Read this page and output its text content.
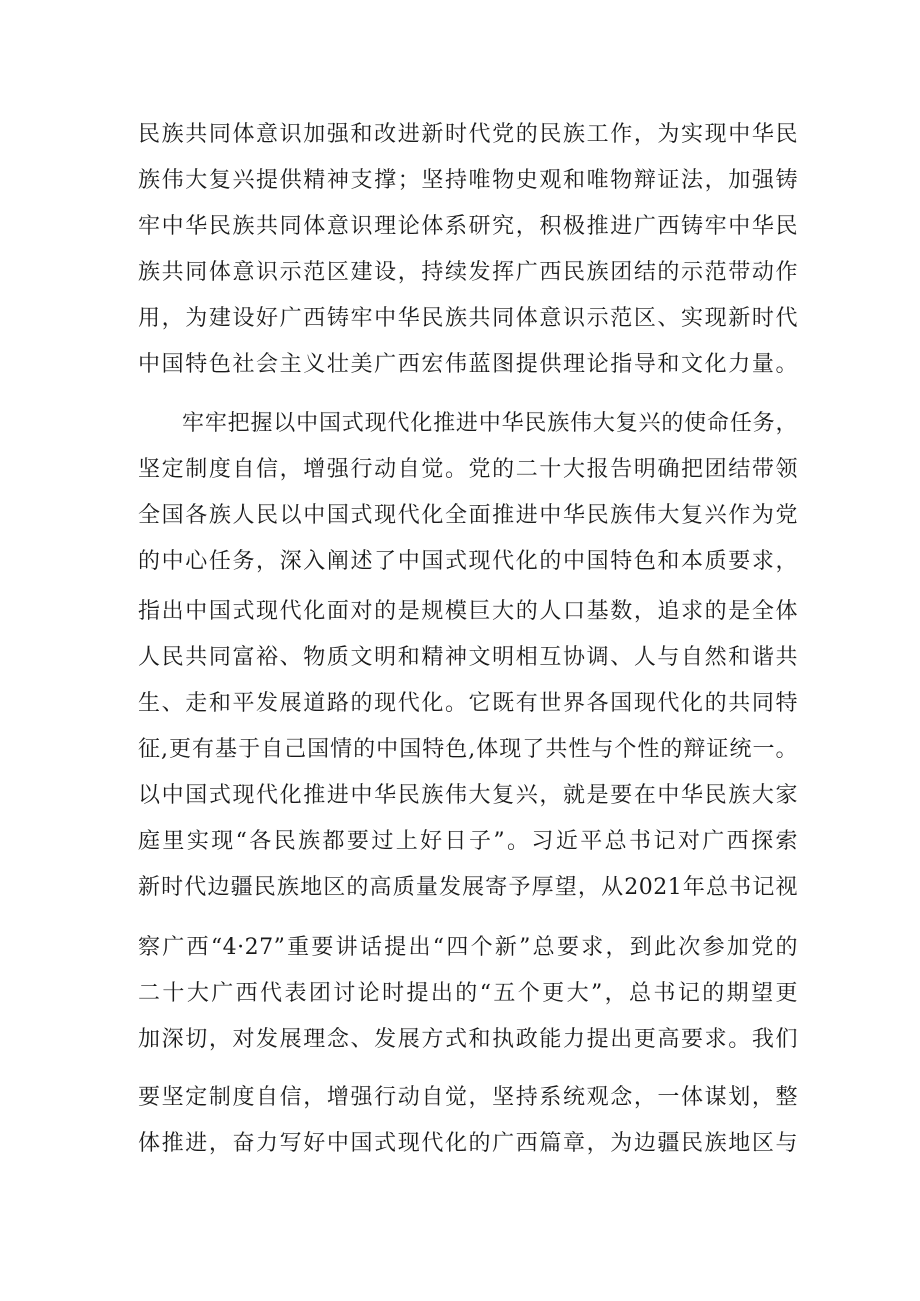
民族共同体意识加强和改进新时代党的民族工作，为实现中华民
族伟大复兴提供精神支撑；坚持唯物史观和唯物辩证法，加强铸
牢中华民族共同体意识理论体系研究，积极推进广西铸牢中华民
族共同体意识示范区建设，持续发挥广西民族团结的示范带动作
用，为建设好广西铸牢中华民族共同体意识示范区、实现新时代
中国特色社会主义壮美广西宏伟蓝图提供理论指导和文化力量。
牢牢把握以中国式现代化推进中华民族伟大复兴的使命任务，
坚定制度自信，增强行动自觉。党的二十大报告明确把团结带领
全国各族人民以中国式现代化全面推进中华民族伟大复兴作为党
的中心任务，深入阐述了中国式现代化的中国特色和本质要求，
指出中国式现代化面对的是规模巨大的人口基数，追求的是全体
人民共同富裕、物质文明和精神文明相互协调、人与自然和谐共
生、走和平发展道路的现代化。它既有世界各国现代化的共同特
征,更有基于自己国情的中国特色,体现了共性与个性的辩证统一。
以中国式现代化推进中华民族伟大复兴，就是要在中华民族大家
庭里实现“各民族都要过上好日子”。习近平总书记对广西探索
新时代边疆民族地区的高质量发展寄予厚望，从2021年总书记视
察广西“4·27”重要讲话提出“四个新”总要求，到此次参加党的
二十大广西代表团讨论时提出的“五个更大”，总书记的期望更
加深切，对发展理念、发展方式和执政能力提出更高要求。我们
要坚定制度自信，增强行动自觉，坚持系统观念，一体谋划，整
体推进，奋力写好中国式现代化的广西篇章，为边疆民族地区与
